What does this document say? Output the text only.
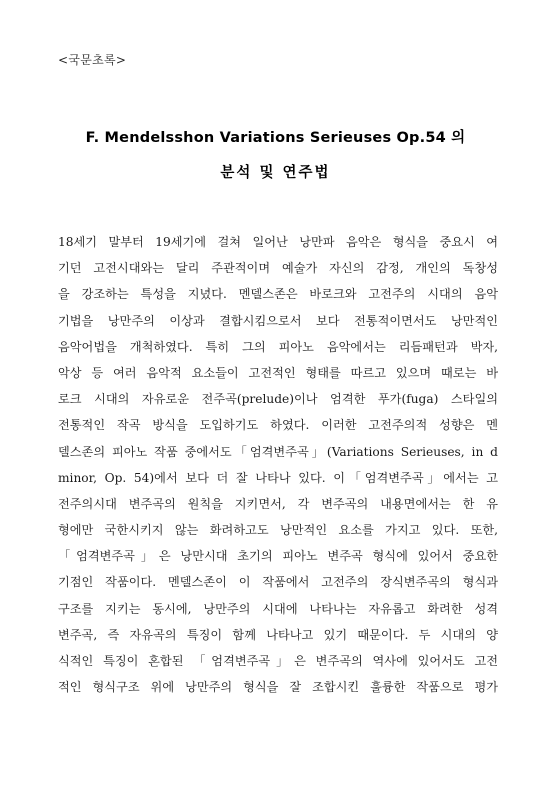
<국문초록>
F. Mendelsshon Variations Serieuses Op.54 의
분석 및 연주법
18세기 말부터 19세기에 걸쳐 일어난 낭만파 음악은 형식을 중요시 여
기던 고전시대와는 달리 주관적이며 예술가 자신의 감정, 개인의 독창성
을 강조하는 특성을 지녔다. 멘델스존은 바로크와 고전주의 시대의 음악
기법을 낭만주의 이상과 결합시킴으로서 보다 전통적이면서도 낭만적인
음악어법을 개척하였다. 특히 그의 피아노 음악에서는 리듬패턴과 박자,
악상 등 여러 음악적 요소들이 고전적인 형태를 따르고 있으며 때로는 바
로크 시대의 자유로운 전주곡(prelude)이나 엄격한 푸가(fuga) 스타일의
전통적인 작곡 방식을 도입하기도 하였다. 이러한 고전주의적 성향은 멘
델스존의 피아노 작품 중에서도「엄격변주곡」(Variations Serieuses, in d
minor, Op. 54)에서 보다 더 잘 나타나 있다. 이「엄격변주곡」에서는 고
전주의시대 변주곡의 원칙을 지키면서, 각 변주곡의 내용면에서는 한 유
형에만 국한시키지 않는 화려하고도 낭만적인 요소를 가지고 있다. 또한,
「엄격변주곡」은 낭만시대 초기의 피아노 변주곡 형식에 있어서 중요한
기점인 작품이다. 멘델스존이 이 작품에서 고전주의 장식변주곡의 형식과
구조를 지키는 동시에, 낭만주의 시대에 나타나는 자유롭고 화려한 성격
변주곡, 즉 자유곡의 특징이 함께 나타나고 있기 때문이다. 두 시대의 양
식적인 특징이 혼합된 「엄격변주곡」은 변주곡의 역사에 있어서도 고전
적인 형식구조 위에 낭만주의 형식을 잘 조합시킨 훌륭한 작품으로 평가
